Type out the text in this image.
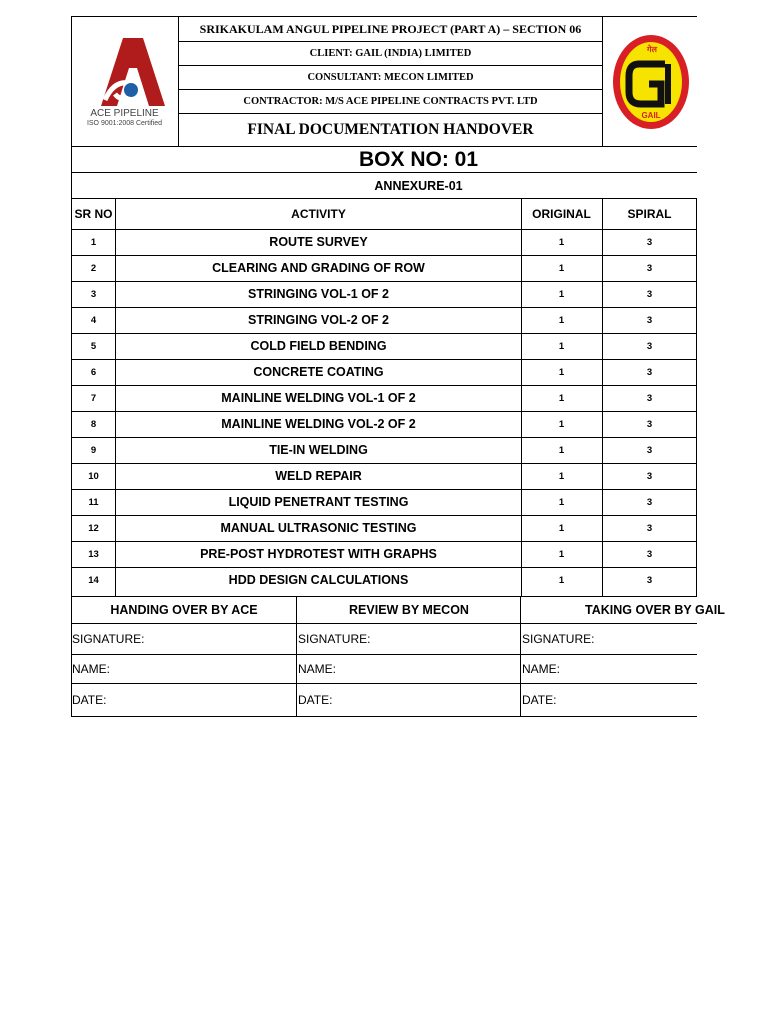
ACE PIPELINE
ISO 9001:2008 Certified
SRIKAKULAM ANGUL PIPELINE PROJECT (PART A) – SECTION 06
CLIENT: GAIL (INDIA) LIMITED
CONSULTANT: MECON LIMITED
CONTRACTOR: M/S ACE PIPELINE CONTRACTS PVT. LTD
FINAL DOCUMENTATION HANDOVER
गेल
GAIL
BOX NO: 01
ANNEXURE-01
SR NO	ACTIVITY	ORIGINAL	SPIRAL
1	ROUTE SURVEY	1	3
2	CLEARING AND GRADING OF ROW	1	3
3	STRINGING VOL-1 OF 2	1	3
4	STRINGING VOL-2 OF 2	1	3
5	COLD FIELD BENDING	1	3
6	CONCRETE COATING	1	3
7	MAINLINE WELDING VOL-1 OF 2	1	3
8	MAINLINE WELDING VOL-2 OF 2	1	3
9	TIE-IN WELDING	1	3
10	WELD REPAIR	1	3
11	LIQUID PENETRANT TESTING	1	3
12	MANUAL ULTRASONIC TESTING	1	3
13	PRE-POST HYDROTEST WITH GRAPHS	1	3
14	HDD DESIGN CALCULATIONS	1	3
HANDING OVER BY ACE	REVIEW BY MECON	TAKING OVER BY GAIL
SIGNATURE:	SIGNATURE:	SIGNATURE:
NAME:	NAME:	NAME:
DATE:	DATE:	DATE:
